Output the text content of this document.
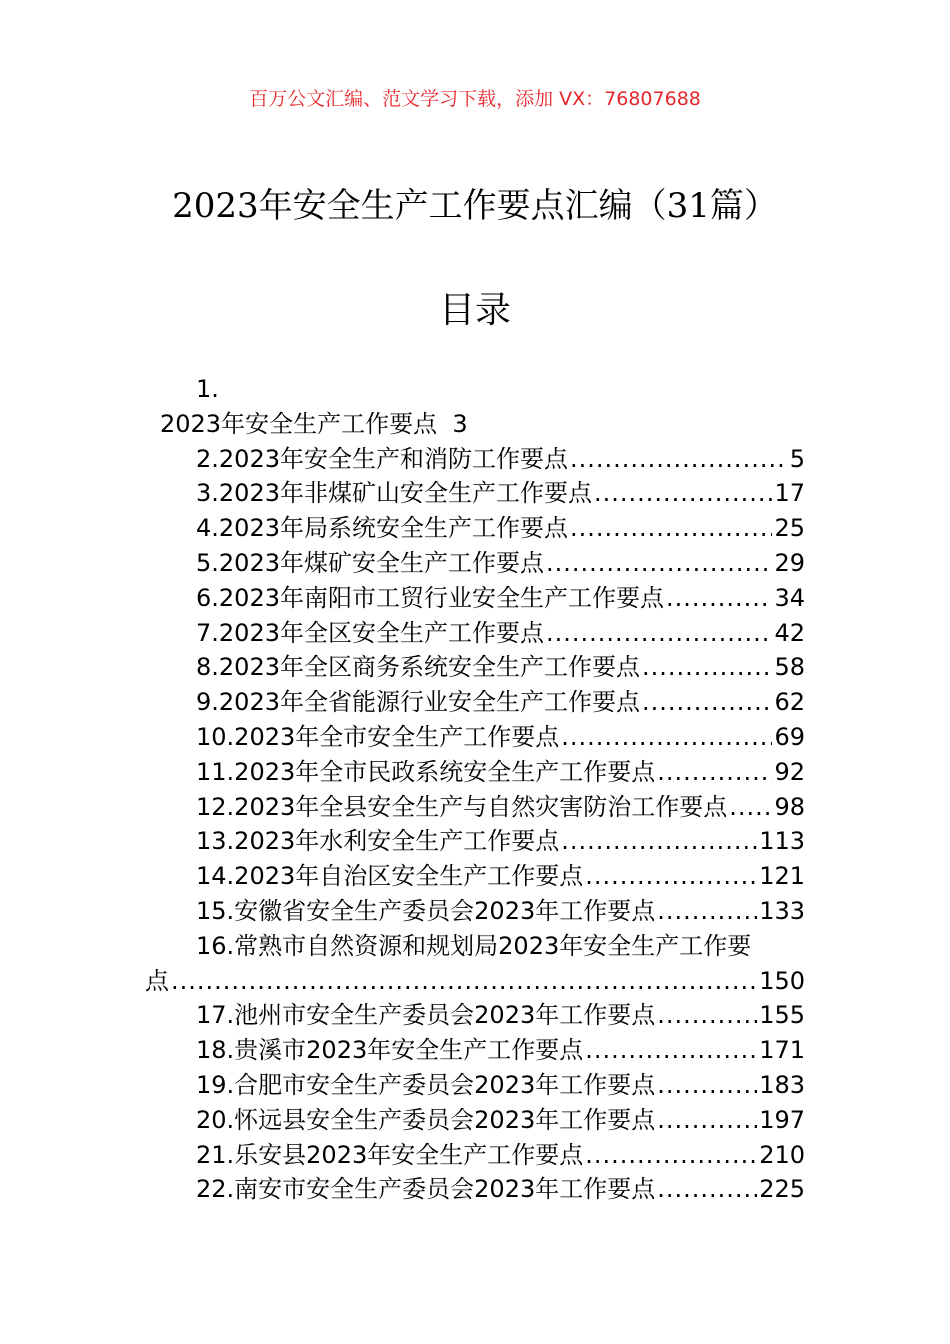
百万公文汇编、范文学习下载，添加 VX：76807688
2023年安全生产工作要点汇编（31篇）
目录
1.
2023年安全生产工作要点 3
2.2023年安全生产和消防工作要点 .....	5
3.2023年非煤矿山安全生产工作要点 .....	17
4.2023年局系统安全生产工作要点 .....	25
5.2023年煤矿安全生产工作要点 .....	29
6.2023年南阳市工贸行业安全生产工作要点 .....	34
7.2023年全区安全生产工作要点 .....	42
8.2023年全区商务系统安全生产工作要点 .....	58
9.2023年全省能源行业安全生产工作要点 .....	62
10.2023年全市安全生产工作要点 .....	69
11.2023年全市民政系统安全生产工作要点 .....	92
12.2023年全县安全生产与自然灾害防治工作要点 ..... 98
13.2023年水利安全生产工作要点 .....	113
14.2023年自治区安全生产工作要点 .....	121
15.安徽省安全生产委员会2023年工作要点 .....	133
16.常熟市自然资源和规划局2023年安全生产工作要
点 .....	150
17.池州市安全生产委员会2023年工作要点 .....	155
18.贵溪市2023年安全生产工作要点 .....	171
19.合肥市安全生产委员会2023年工作要点 .....	183
20.怀远县安全生产委员会2023年工作要点 .....	197
21.乐安县2023年安全生产工作要点 .....	210
22.南安市安全生产委员会2023年工作要点 .....	225
